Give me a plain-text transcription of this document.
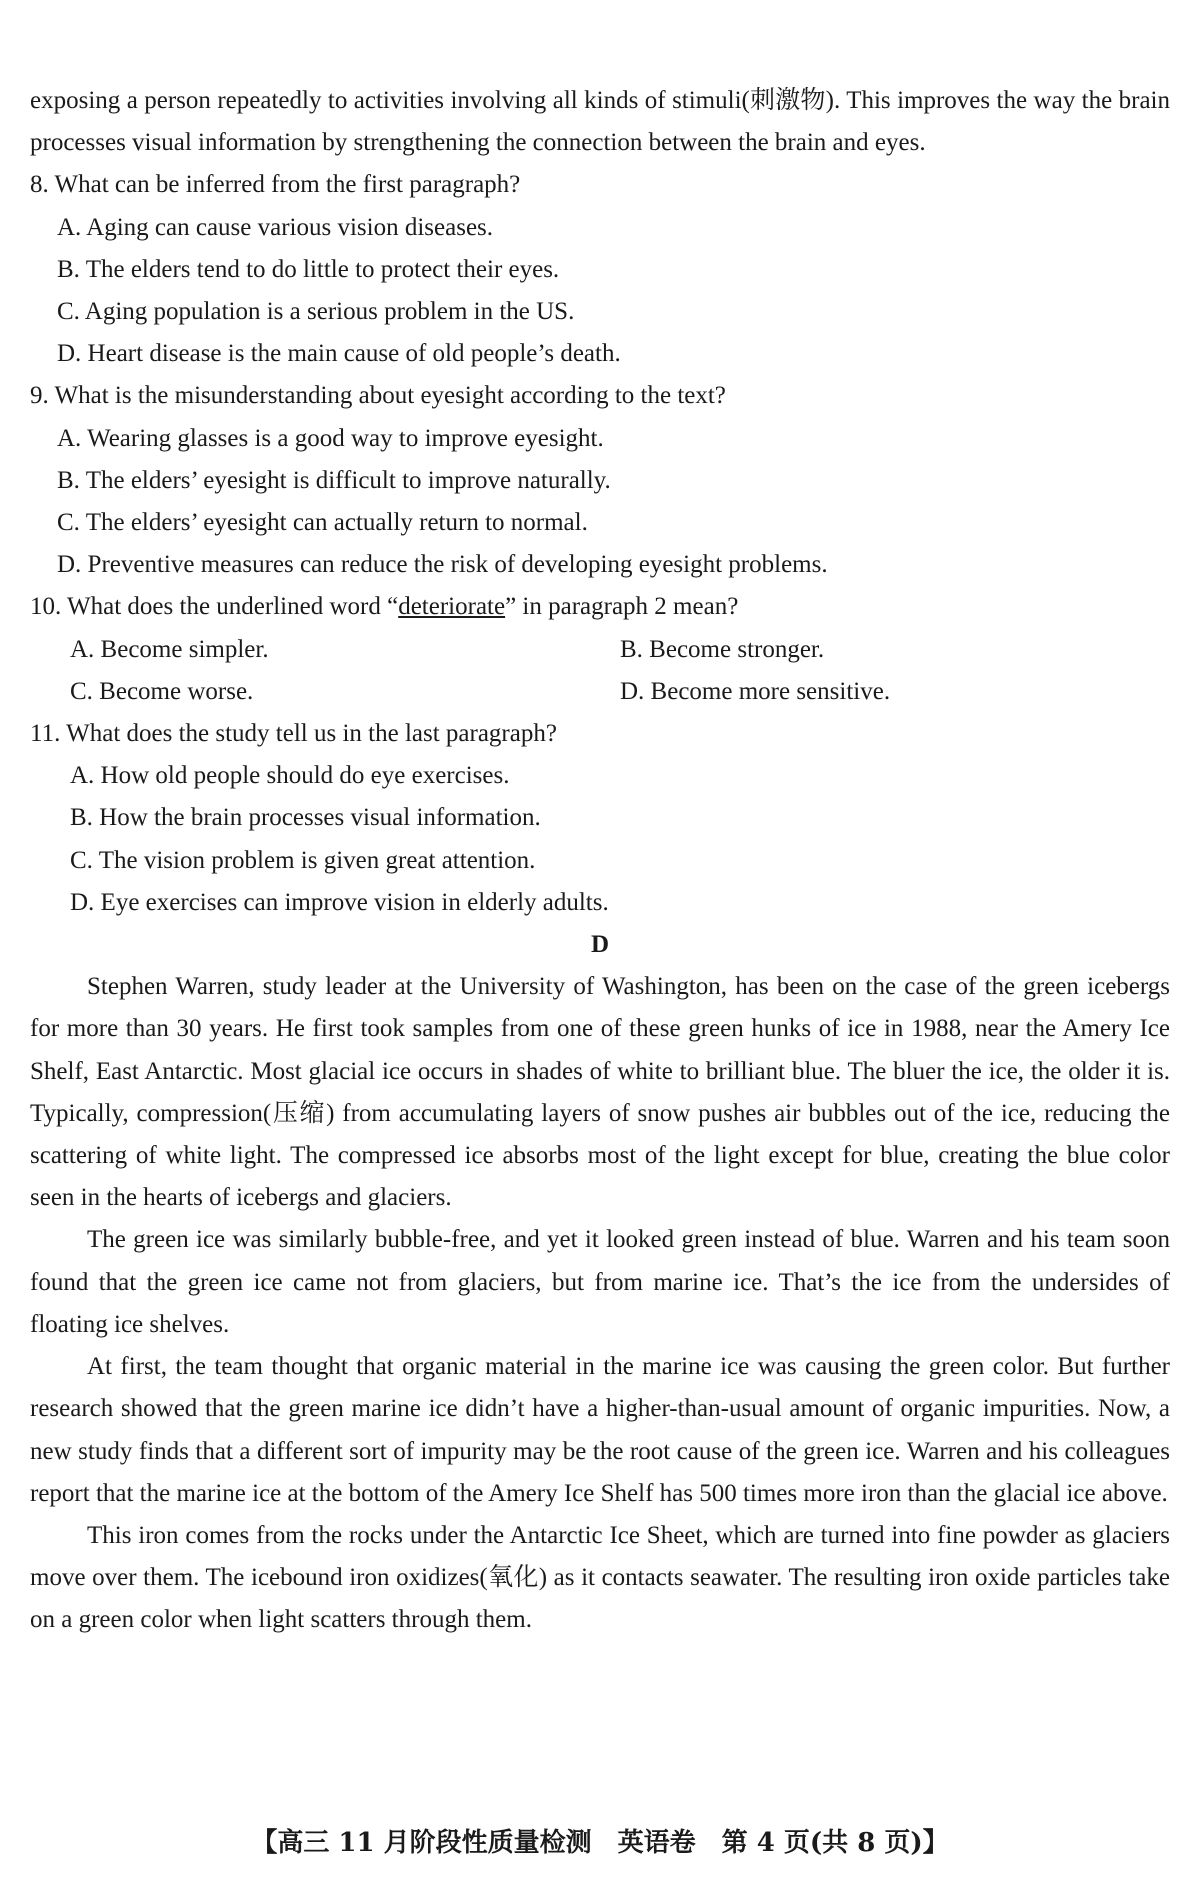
exposing a person repeatedly to activities involving all kinds of stimuli(刺激物). This improves the way the brain processes visual information by strengthening the connection between the brain and eyes.

8. What can be inferred from the first paragraph?

A. Aging can cause various vision diseases.

B. The elders tend to do little to protect their eyes.

C. Aging population is a serious problem in the US.

D. Heart disease is the main cause of old people’s death.

9. What is the misunderstanding about eyesight according to the text?

A. Wearing glasses is a good way to improve eyesight.

B. The elders’ eyesight is difficult to improve naturally.

C. The elders’ eyesight can actually return to normal.

D. Preventive measures can reduce the risk of developing eyesight problems.

10. What does the underlined word “deteriorate” in paragraph 2 mean?

A. Become simpler.	B. Become stronger.
C. Become worse.	D. Become more sensitive.

11. What does the study tell us in the last paragraph?

A. How old people should do eye exercises.

B. How the brain processes visual information.

C. The vision problem is given great attention.

D. Eye exercises can improve vision in elderly adults.

D

Stephen Warren, study leader at the University of Washington, has been on the case of the green icebergs for more than 30 years. He first took samples from one of these green hunks of ice in 1988, near the Amery Ice Shelf, East Antarctic. Most glacial ice occurs in shades of white to brilliant blue. The bluer the ice, the older it is. Typically, compression(压缩) from accumulating layers of snow pushes air bubbles out of the ice, reducing the scattering of white light. The compressed ice absorbs most of the light except for blue, creating the blue color seen in the hearts of icebergs and glaciers.

The green ice was similarly bubble-free, and yet it looked green instead of blue. Warren and his team soon found that the green ice came not from glaciers, but from marine ice. That’s the ice from the undersides of floating ice shelves.

At first, the team thought that organic material in the marine ice was causing the green color. But further research showed that the green marine ice didn’t have a higher-than-usual amount of organic impurities. Now, a new study finds that a different sort of impurity may be the root cause of the green ice. Warren and his colleagues report that the marine ice at the bottom of the Amery Ice Shelf has 500 times more iron than the glacial ice above.

This iron comes from the rocks under the Antarctic Ice Sheet, which are turned into fine powder as glaciers move over them. The icebound iron oxidizes(氧化) as it contacts seawater. The resulting iron oxide particles take on a green color when light scatters through them.

【高三 11 月阶段性质量检测　英语卷　第 4 页(共 8 页)】
